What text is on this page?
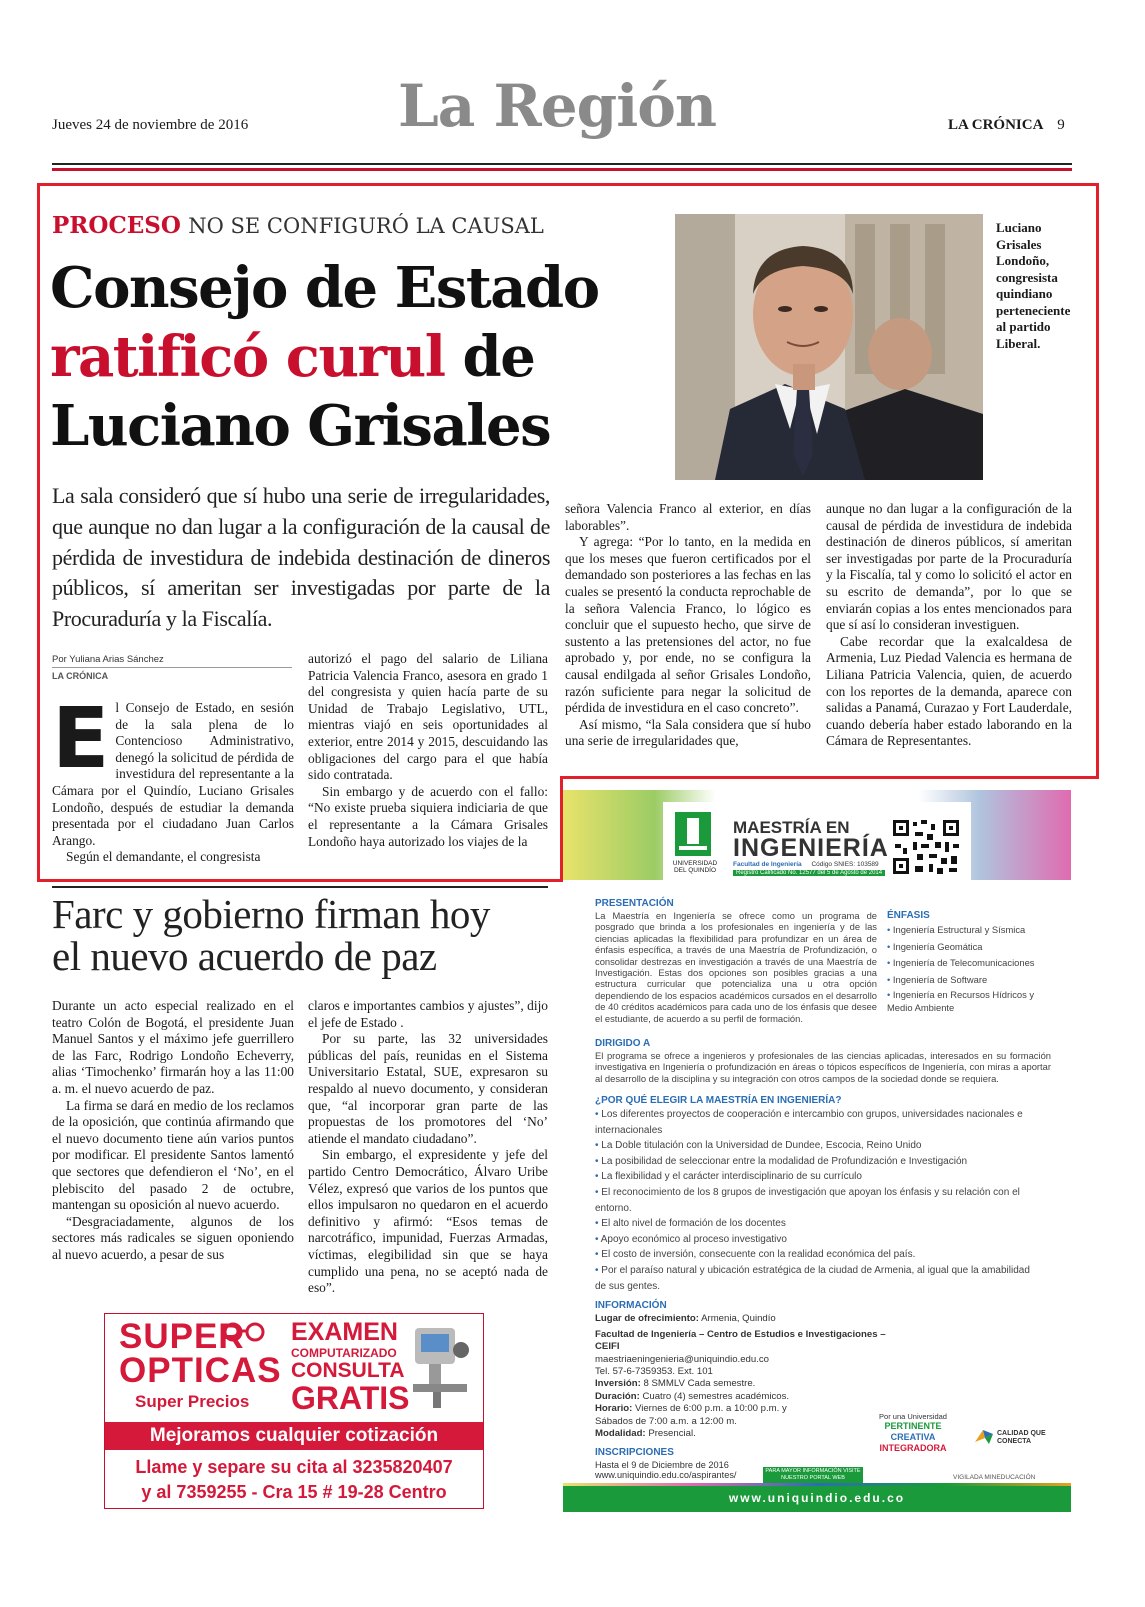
Jueves 24 de noviembre de 2016	La Región	LA CRÓNICA 9
PROCESO NO SE CONFIGURÓ LA CAUSAL
Consejo de Estado
ratificó curul de
Luciano Grisales
Luciano Grisales Londoño, congresista quindiano perteneciente al partido Liberal.
La sala consideró que sí hubo una serie de irregularidades, que aunque no dan lugar a la configuración de la causal de pérdida de investidura de indebida destinación de dineros públicos, sí ameritan ser investigadas por parte de la Procuraduría y la Fiscalía.
Por Yuliana Arias Sánchez
LA CRÓNICA
E l Consejo de Estado, en sesión de la sala plena de lo Contencioso Administrativo, denegó la solicitud de pérdida de investidura del representante a la Cámara por el Quindío, Luciano Grisales Londoño, después de estudiar la demanda presentada por el ciudadano Juan Carlos Arango.

Según el demandante, el congresista

autorizó el pago del salario de Liliana Patricia Valencia Franco, asesora en grado 1 del congresista y quien hacía parte de su Unidad de Trabajo Legislativo, UTL, mientras viajó en seis oportunidades al exterior, entre 2014 y 2015, descuidando las obligaciones del cargo para el que había sido contratada.

Sin embargo y de acuerdo con el fallo: “No existe prueba siquiera indiciaria de que el representante a la Cámara Grisales Londoño haya autorizado los viajes de la

señora Valencia Franco al exterior, en días laborables”.

Y agrega: “Por lo tanto, en la medida en que los meses que fueron certificados por el demandado son posteriores a las fechas en las cuales se presentó la conducta reprochable de la señora Valencia Franco, lo lógico es concluir que el supuesto hecho, que sirve de sustento a las pretensiones del actor, no fue aprobado y, por ende, no se configura la causal endilgada al señor Grisales Londoño, razón suficiente para negar la solicitud de pérdida de investidura en el caso concreto”.

Así mismo, “la Sala considera que sí hubo una serie de irregularidades que,

aunque no dan lugar a la configuración de la causal de pérdida de investidura de indebida destinación de dineros públicos, sí ameritan ser investigadas por parte de la Procuraduría y la Fiscalía, tal y como lo solicitó el actor en su escrito de demanda”, por lo que se enviarán copias a los entes mencionados para que sí así lo consideran investiguen.

Cabe recordar que la exalcaldesa de Armenia, Luz Piedad Valencia es hermana de Liliana Patricia Valencia, quien, de acuerdo con los reportes de la demanda, aparece con salidas a Panamá, Curazao y Fort Lauderdale, cuando debería haber estado laborando en la Cámara de Representantes.

Farc y gobierno firman hoy
el nuevo acuerdo de paz

Durante un acto especial realizado en el teatro Colón de Bogotá, el presidente Juan Manuel Santos y el máximo jefe guerrillero de las Farc, Rodrigo Londoño Echeverry, alias ‘Timochenko’ firmarán hoy a las 11:00 a. m. el nuevo acuerdo de paz.

La firma se dará en medio de los reclamos de la oposición, que continúa afirmando que el nuevo documento tiene aún varios puntos por modificar. El presidente Santos lamentó que sectores que defendieron el ‘No’, en el plebiscito del pasado 2 de octubre, mantengan su oposición al nuevo acuerdo.

“Desgraciadamente, algunos de los sectores más radicales se siguen oponiendo al nuevo acuerdo, a pesar de sus

claros e importantes cambios y ajustes”, dijo el jefe de Estado .

Por su parte, las 32 universidades públicas del país, reunidas en el Sistema Universitario Estatal, SUE, expresaron su respaldo al nuevo documento, y consideran que, “al incorporar gran parte de las propuestas de los promotores del ‘No’ atiende el mandato ciudadano”.

Sin embargo, el expresidente y jefe del partido Centro Democrático, Álvaro Uribe Vélez, expresó que varios de los puntos que ellos impulsaron no quedaron en el acuerdo definitivo y afirmó: “Esos temas de narcotráfico, impunidad, Fuerzas Armadas, víctimas, elegibilidad sin que se haya cumplido una pena, no se aceptó nada de eso”.

SUPER
OPTICAS
Super Precios
EXAMEN
COMPUTARIZADO
CONSULTA
GRATIS
Mejoramos cualquier cotización
Llame y separe su cita al 3235820407
y al 7359255 - Cra 15 # 19-28 Centro
UNIVERSIDAD DEL QUINDÍO
MAESTRÍA EN
INGENIERÍA
Facultad de Ingeniería Código SNIES: 103589
Registro Calificado No. 12577 del 5 de Agosto de 2014
PRESENTACIÓN

La Maestría en Ingeniería se ofrece como un programa de posgrado que brinda a los profesionales en ingeniería y de las ciencias aplicadas la flexibilidad para profundizar en un área de énfasis específica, a través de una Maestría de Profundización, o consolidar destrezas en investigación a través de una Maestría de Investigación. Estas dos opciones son posibles gracias a una estructura curricular que potencializa una u otra opción dependiendo de los espacios académicos cursados en el desarrollo de 40 créditos académicos para cada uno de los énfasis que desee el estudiante, de acuerdo a su perfil de formación.

ÉNFASIS
• Ingeniería Estructural y Sísmica
• Ingeniería Geomática
• Ingeniería de Telecomunicaciones
• Ingeniería de Software
• Ingeniería en Recursos Hídricos y Medio Ambiente
DIRIGIDO A

El programa se ofrece a ingenieros y profesionales de las ciencias aplicadas, interesados en su formación investigativa en Ingeniería o profundización en áreas o tópicos específicos de Ingeniería, con miras a aportar al desarrollo de la disciplina y su integración con otros campos de la sociedad donde se requiera.

¿POR QUÉ ELEGIR LA MAESTRÍA EN INGENIERÍA?
• Los diferentes proyectos de cooperación e intercambio con grupos, universidades nacionales e internacionales
• La Doble titulación con la Universidad de Dundee, Escocia, Reino Unido
• La posibilidad de seleccionar entre la modalidad de Profundización e Investigación
• La flexibilidad y el carácter interdisciplinario de su currículo
• El reconocimiento de los 8 grupos de investigación que apoyan los énfasis y su relación con el entorno.
• El alto nivel de formación de los docentes
• Apoyo económico al proceso investigativo
• El costo de inversión, consecuente con la realidad económica del país.
• Por el paraíso natural y ubicación estratégica de la ciudad de Armenia, al igual que la amabilidad de sus gentes.
INFORMACIÓN
Lugar de ofrecimiento: Armenia, Quindío
Facultad de Ingeniería – Centro de Estudios e Investigaciones – CEIFI
maestriaeningenieria@uniquindio.edu.co
Tel. 57-6-7359353. Ext. 101
Inversión: 8 SMMLV Cada semestre.
Duración: Cuatro (4) semestres académicos.
Horario: Viernes de 6:00 p.m. a 10:00 p.m. y Sábados de 7:00 a.m. a 12:00 m.
Modalidad: Presencial.
INSCRIPCIONES
Hasta el 9 de Diciembre de 2016
www.uniquindio.edu.co/aspirantes/	PARA MAYOR INFORMACIÓN VISITE NUESTRO PORTAL WEB
Por una Universidad
PERTINENTE
CREATIVA
INTEGRADORA
CALIDAD QUE CONECTA
VIGILADA MINEDUCACIÓN
www.uniquindio.edu.co
